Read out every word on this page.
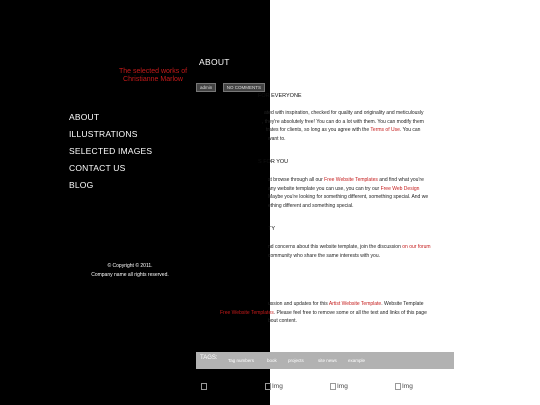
The selected works of
Christianne Marlow
ABOUT
ILLUSTRATIONS
SELECTED IMAGES
CONTACT US
BLOG
© Copyright © 2011.
Company name all rights reserved.
ABOUT
admin	NO COMMENTS
FOR EVERYONE
ated with inspiration, checked for quality and originality and meticulously
, they're absolutely free! You can do a lot with them. You can modify them
trates for clients, so long as you agree with the Terms of Use. You can
want to.
S FOR YOU
st browse through all our Free Website Templates and find what you're
any website template you can use, you can try our Free Web Design
Maybe you're looking for something different, something special. And we
ething different and something special.
TY
nd concerns about this website template, join the discussion on our forum
community who share the same interests with you.
ussion and updates for this Artist Website Template. Website Template
Free Website Templates. Please feel free to remove some or all the text and links of this page
bout content.
TAGS: Tag numbers	book projects	site news example
Img	Img	Img
